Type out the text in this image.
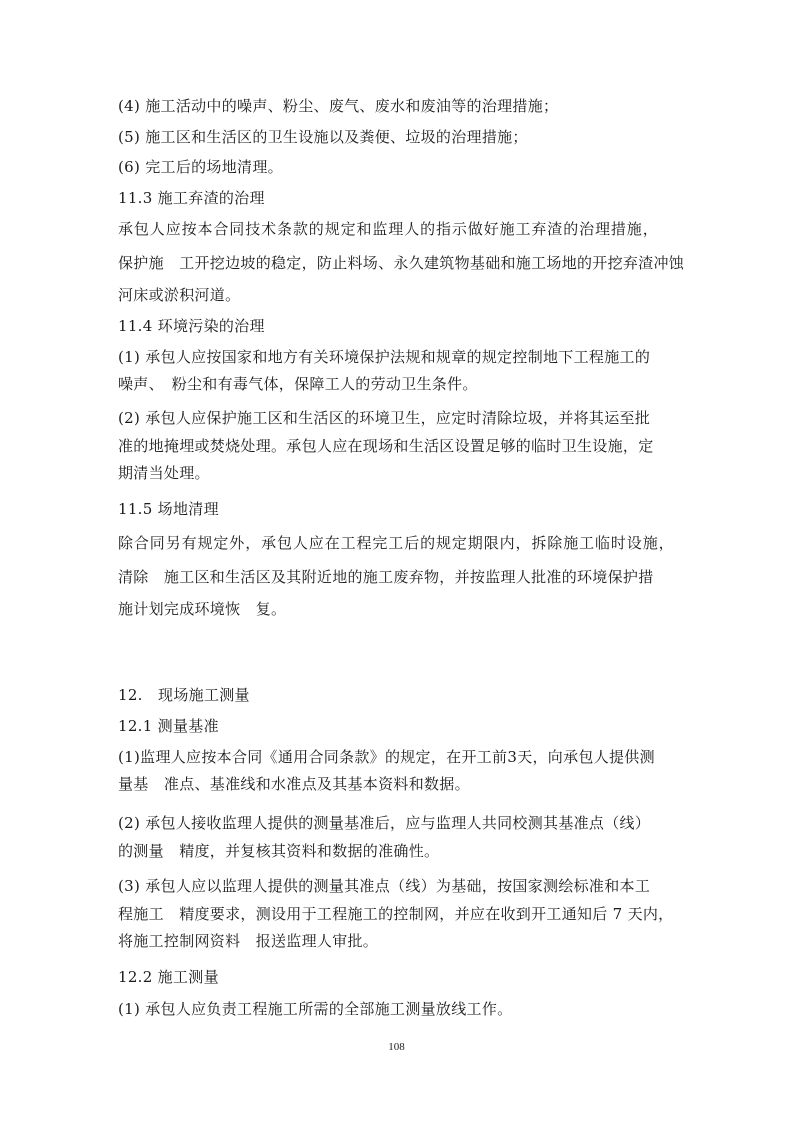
(4) 施工活动中的噪声、粉尘、废气、废水和废油等的治理措施；
(5) 施工区和生活区的卫生设施以及粪便、垃圾的治理措施；
(6) 完工后的场地清理。
11.3 施工弃渣的治理
承包人应按本合同技术条款的规定和监理人的指示做好施工弃渣的治理措施，
保护施　工开挖边坡的稳定，防止料场、永久建筑物基础和施工场地的开挖弃渣冲蚀
河床或淤积河道。
11.4 环境污染的治理
(1) 承包人应按国家和地方有关环境保护法规和规章的规定控制地下工程施工的
噪声、　粉尘和有毒气体，保障工人的劳动卫生条件。
(2) 承包人应保护施工区和生活区的环境卫生，应定时清除垃圾，并将其运至批
准的地掩埋或焚烧处理。承包人应在现场和生活区设置足够的临时卫生设施，定
期清当处理。
11.5 场地清理
除合同另有规定外，承包人应在工程完工后的规定期限内，拆除施工临时设施，
清除　施工区和生活区及其附近地的施工废弃物，并按监理人批准的环境保护措
施计划完成环境恢　复。
12.　现场施工测量
12.1 测量基准
(1)监理人应按本合同《通用合同条款》的规定，在开工前3天，向承包人提供测
量基　准点、基准线和水准点及其基本资料和数据。
(2) 承包人接收监理人提供的测量基准后，应与监理人共同校测其基准点（线）
的测量　精度，并复核其资料和数据的准确性。
(3) 承包人应以监理人提供的测量其准点（线）为基础，按国家测绘标准和本工
程施工　精度要求，测设用于工程施工的控制网，并应在收到开工通知后 7 天内，
将施工控制网资料　报送监理人审批。
12.2 施工测量
(1) 承包人应负责工程施工所需的全部施工测量放线工作。
108
